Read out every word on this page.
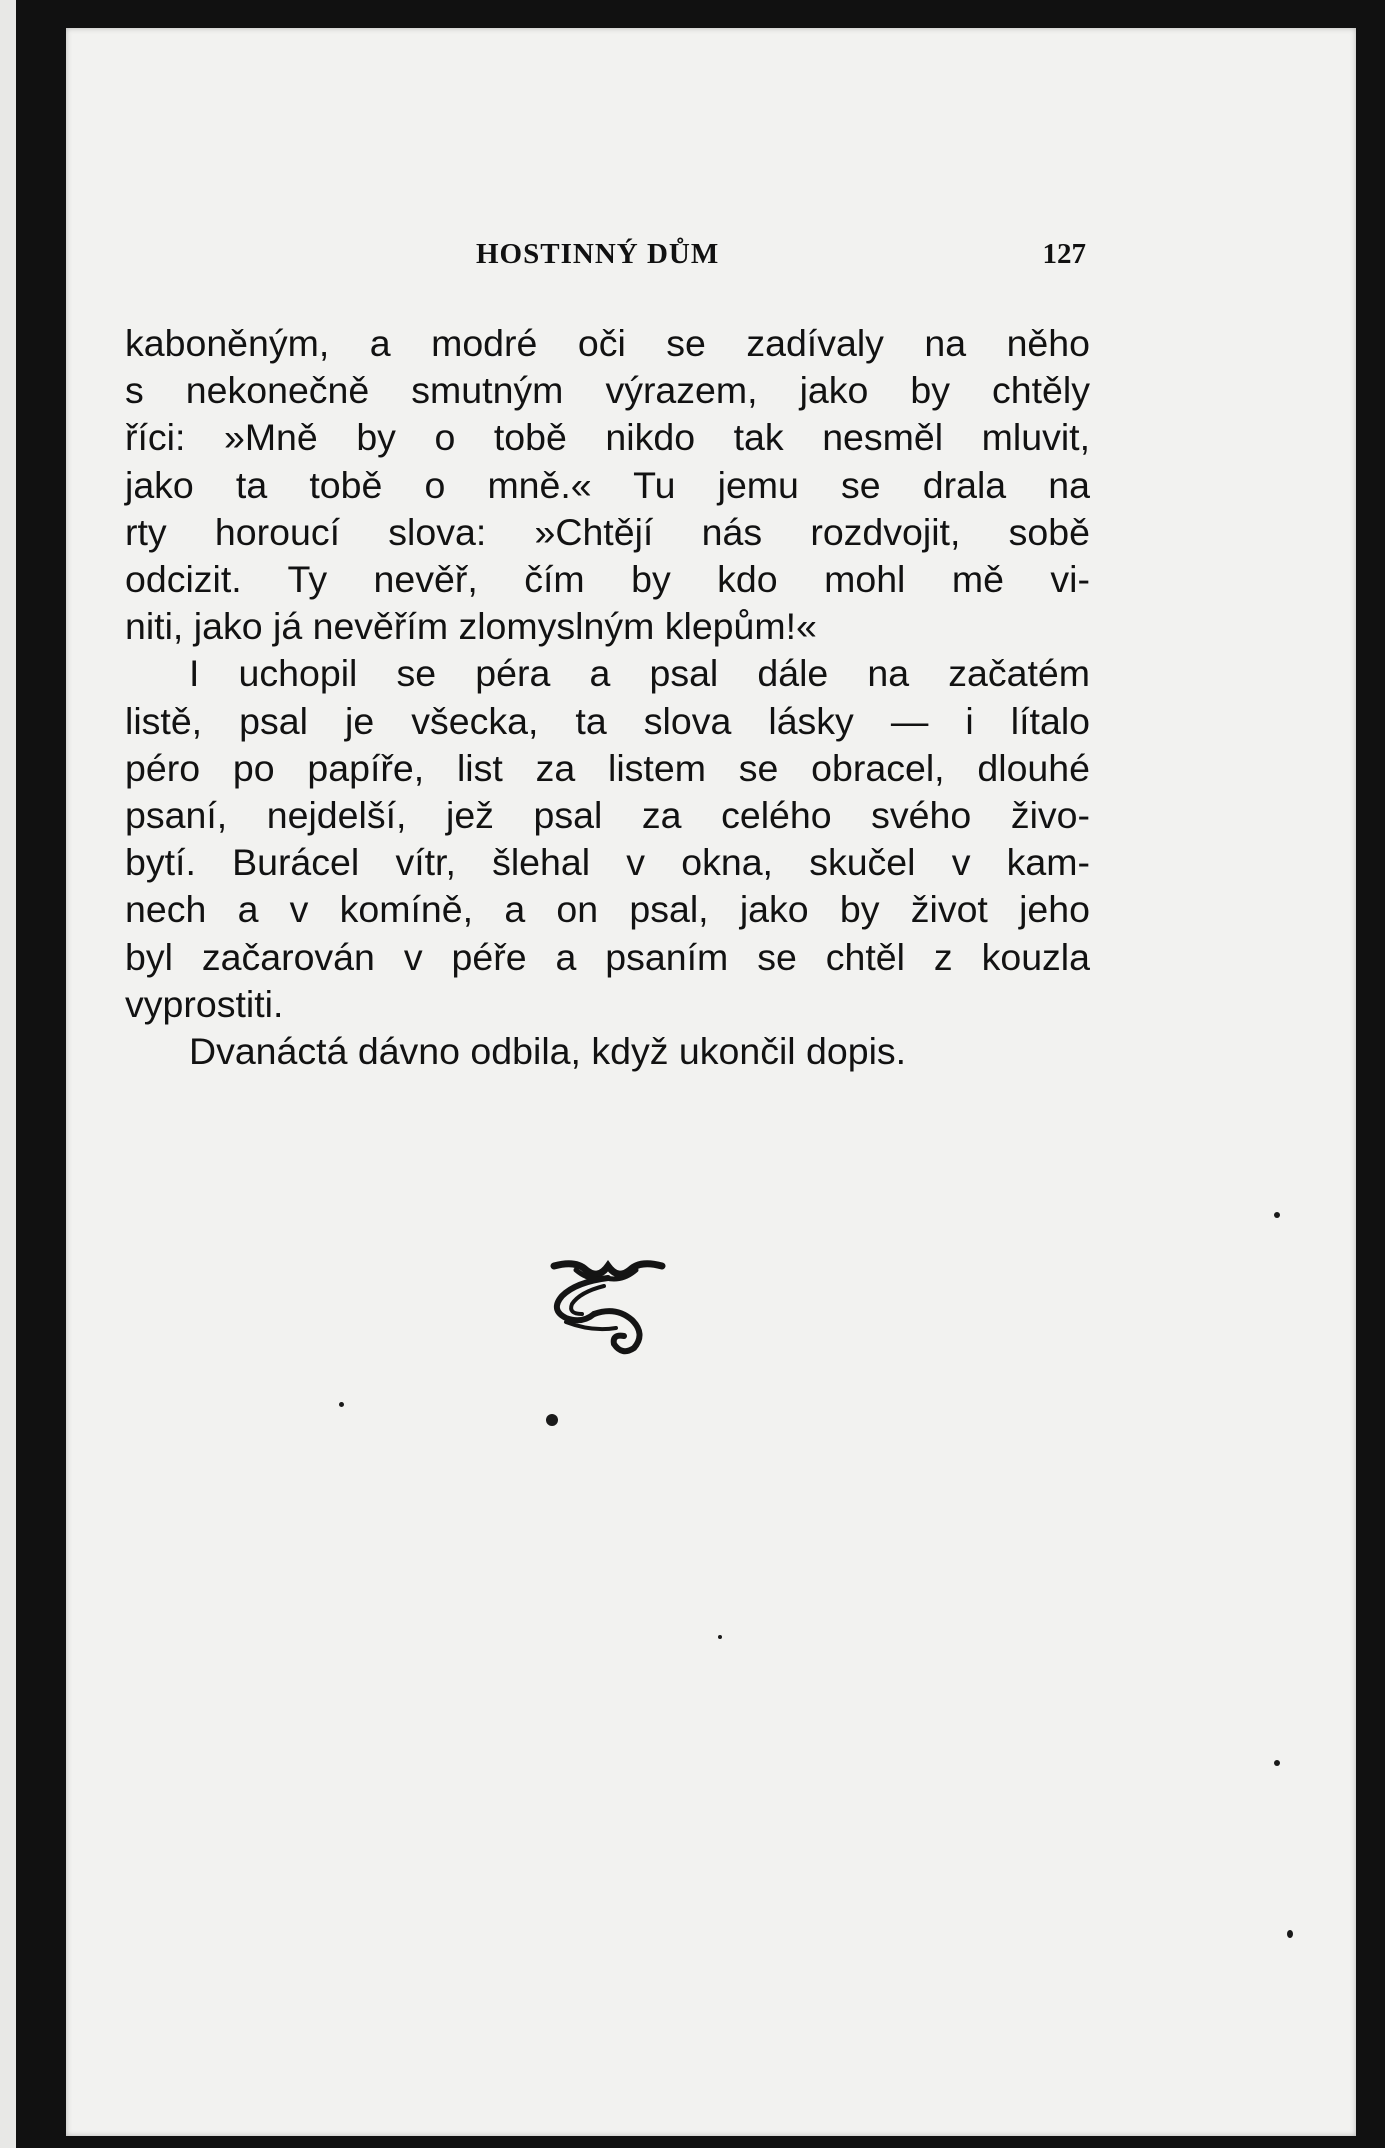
HOSTINNÝ DŮM	127
kaboněným, a modré oči se zadívaly na něho
s nekonečně smutným výrazem, jako by chtěly
říci: »Mně by o tobě nikdo tak nesměl mluvit,
jako ta tobě o mně.« Tu jemu se drala na
rty horoucí slova: »Chtějí nás rozdvojit, sobě
odcizit. Ty nevěř, čím by kdo mohl mě vi-
niti, jako já nevěřím zlomyslným klepům!«
I uchopil se péra a psal dále na začatém
listě, psal je všecka, ta slova lásky — i lítalo
péro po papíře, list za listem se obracel, dlouhé
psaní, nejdelší, jež psal za celého svého živo-
bytí. Burácel vítr, šlehal v okna, skučel v kam-
nech a v komíně, a on psal, jako by život jeho
byl začarován v péře a psaním se chtěl z kouzla
vyprostiti.
Dvanáctá dávno odbila, když ukončil dopis.
